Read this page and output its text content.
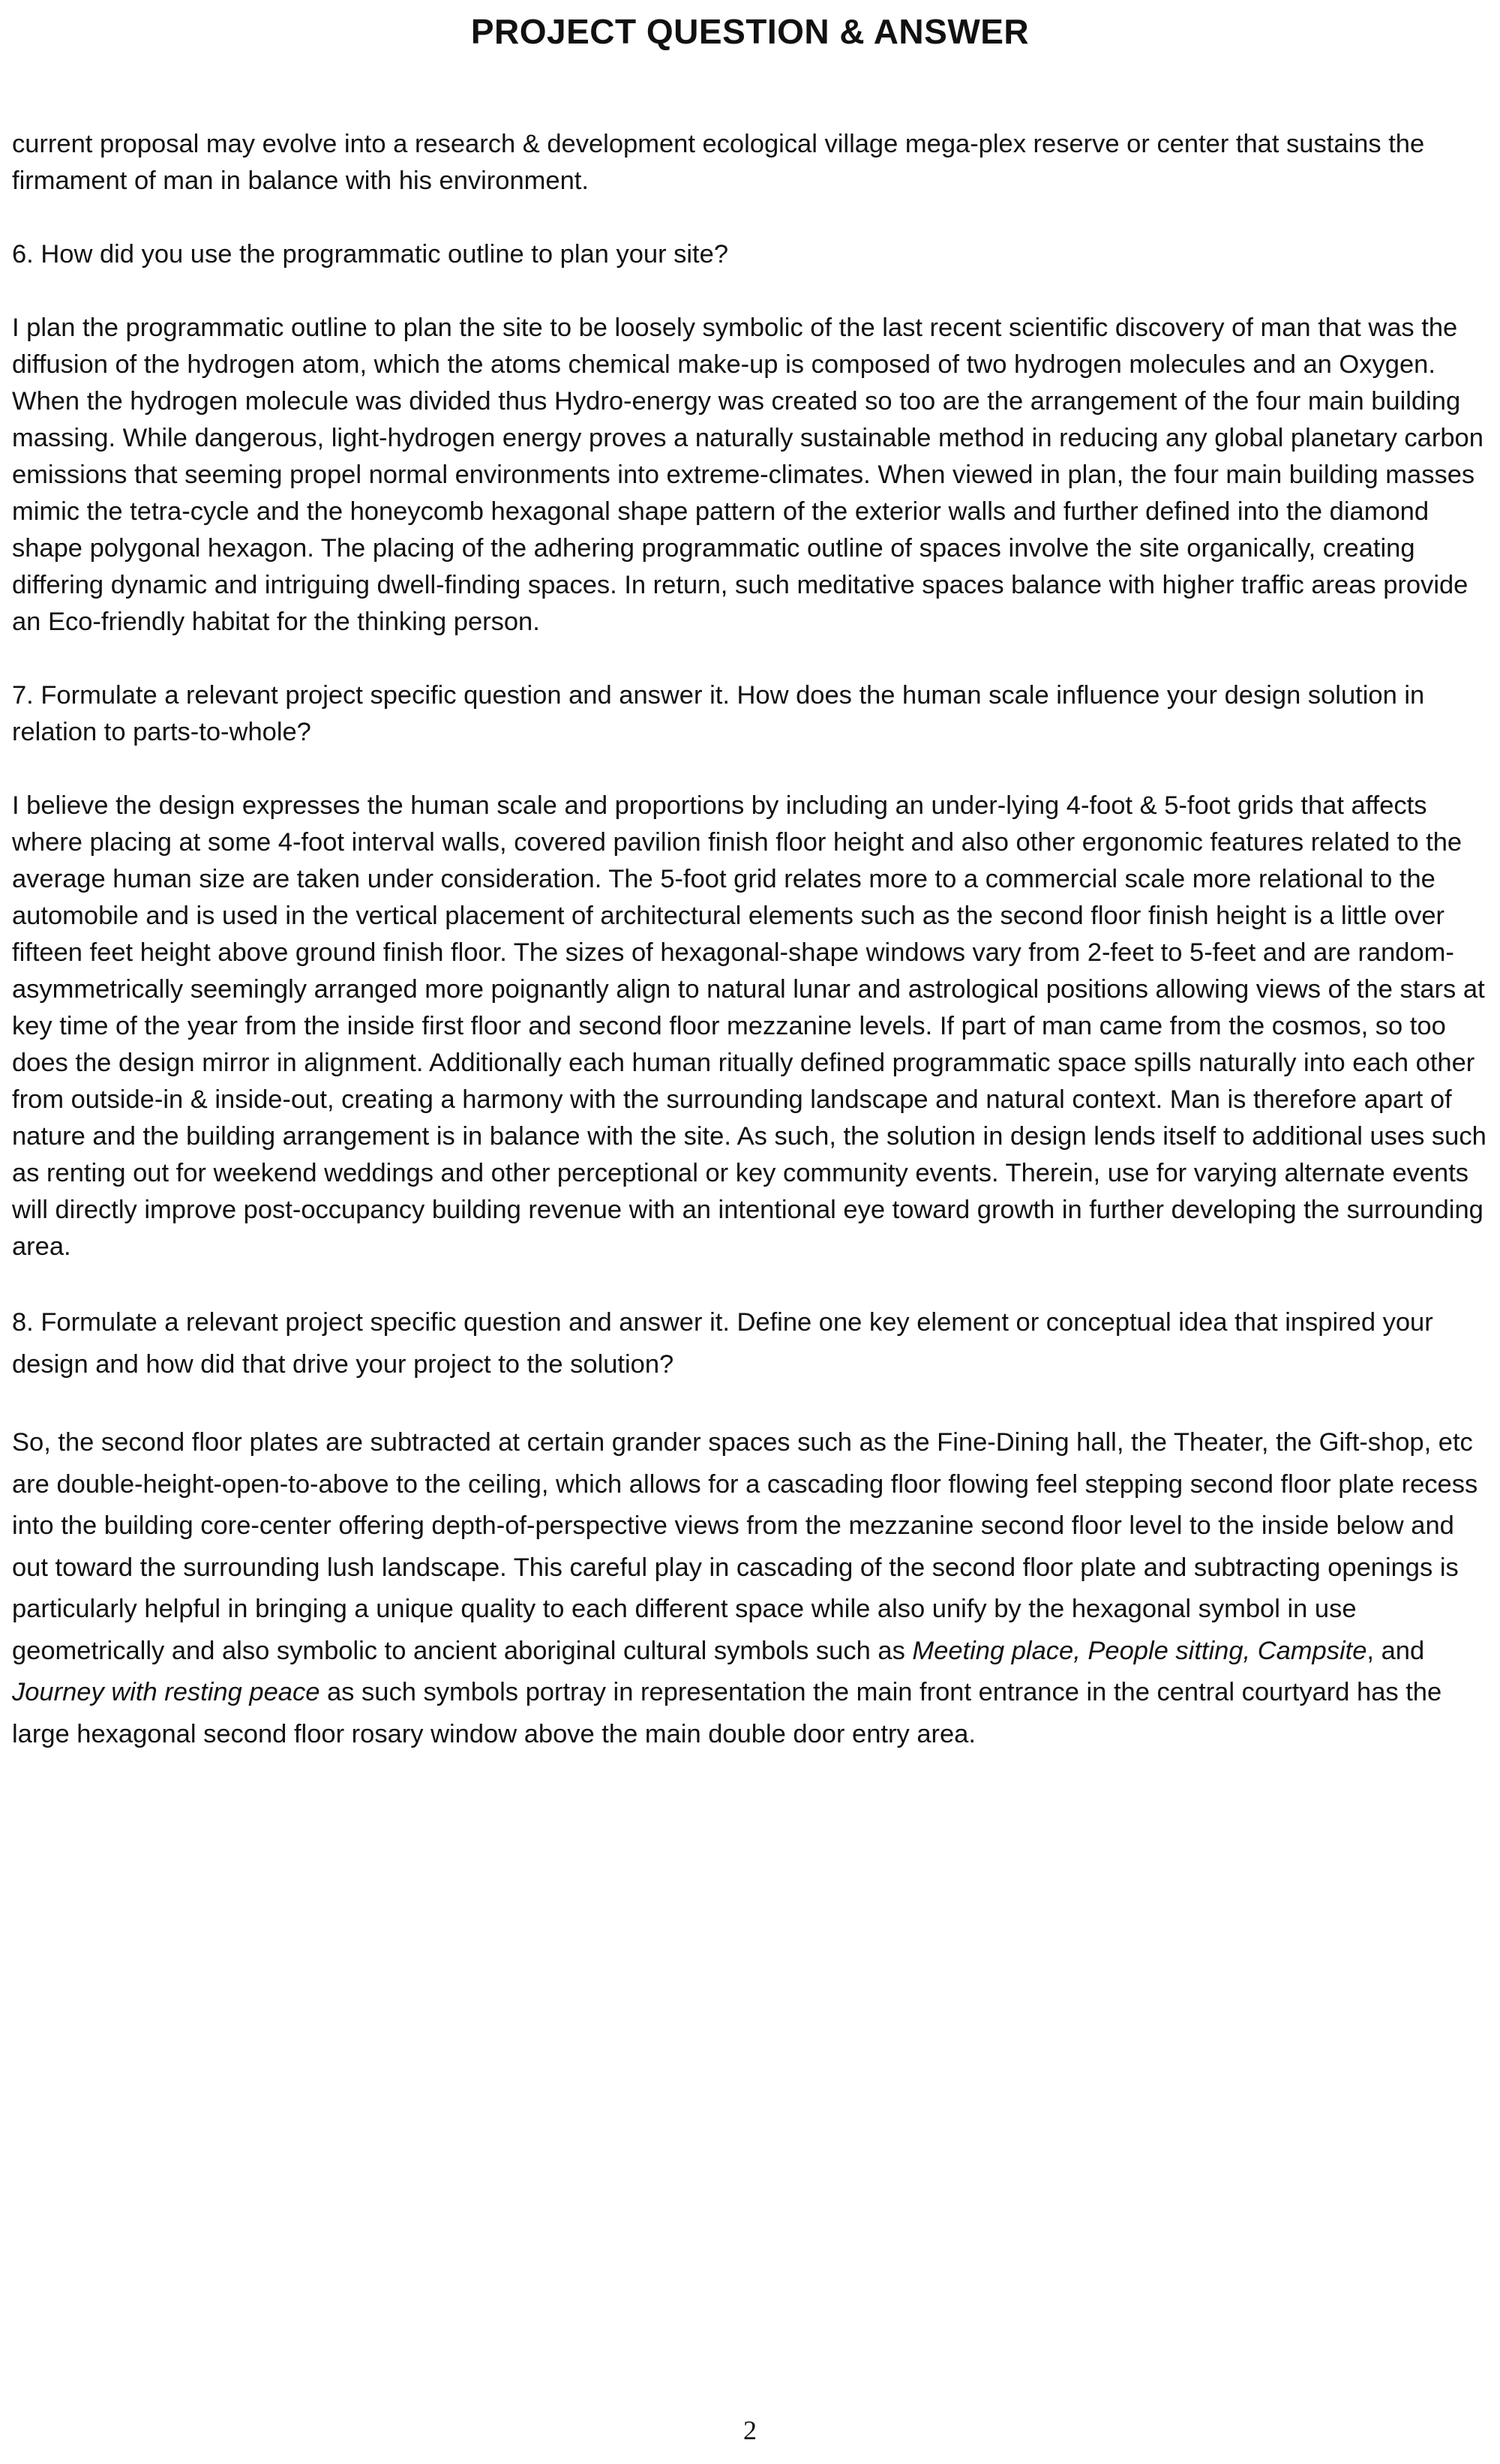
PROJECT QUESTION & ANSWER

current proposal may evolve into a research & development ecological village mega-plex reserve or center that sustains the firmament of man in balance with his environment.

6. How did you use the programmatic outline to plan your site?

I plan the programmatic outline to plan the site to be loosely symbolic of the last recent scientific discovery of man that was the diffusion of the hydrogen atom, which the atoms chemical make-up is composed of two hydrogen molecules and an Oxygen. When the hydrogen molecule was divided thus Hydro-energy was created so too are the arrangement of the four main building massing. While dangerous, light-hydrogen energy proves a naturally sustainable method in reducing any global planetary carbon emissions that seeming propel normal environments into extreme-climates. When viewed in plan, the four main building masses mimic the tetra-cycle and the honeycomb hexagonal shape pattern of the exterior walls and further defined into the diamond shape polygonal hexagon. The placing of the adhering programmatic outline of spaces involve the site organically, creating differing dynamic and intriguing dwell-finding spaces. In return, such meditative spaces balance with higher traffic areas provide an Eco-friendly habitat for the thinking person.

7. Formulate a relevant project specific question and answer it. How does the human scale influence your design solution in relation to parts-to-whole?

I believe the design expresses the human scale and proportions by including an under-lying 4-foot & 5-foot grids that affects where placing at some 4-foot interval walls, covered pavilion finish floor height and also other ergonomic features related to the average human size are taken under consideration. The 5-foot grid relates more to a commercial scale more relational to the automobile and is used in the vertical placement of architectural elements such as the second floor finish height is a little over fifteen feet height above ground finish floor. The sizes of hexagonal-shape windows vary from 2-feet to 5-feet and are random-asymmetrically seemingly arranged more poignantly align to natural lunar and astrological positions allowing views of the stars at key time of the year from the inside first floor and second floor mezzanine levels. If part of man came from the cosmos, so too does the design mirror in alignment. Additionally each human ritually defined programmatic space spills naturally into each other from outside-in & inside-out, creating a harmony with the surrounding landscape and natural context. Man is therefore apart of nature and the building arrangement is in balance with the site. As such, the solution in design lends itself to additional uses such as renting out for weekend weddings and other perceptional or key community events. Therein, use for varying alternate events will directly improve post-occupancy building revenue with an intentional eye toward growth in further developing the surrounding area.

8. Formulate a relevant project specific question and answer it. Define one key element or conceptual idea that inspired your design and how did that drive your project to the solution?

So, the second floor plates are subtracted at certain grander spaces such as the Fine-Dining hall, the Theater, the Gift-shop, etc are double-height-open-to-above to the ceiling, which allows for a cascading floor flowing feel stepping second floor plate recess into the building core-center offering depth-of-perspective views from the mezzanine second floor level to the inside below and out toward the surrounding lush landscape. This careful play in cascading of the second floor plate and subtracting openings is particularly helpful in bringing a unique quality to each different space while also unify by the hexagonal symbol in use geometrically and also symbolic to ancient aboriginal cultural symbols such as Meeting place, People sitting, Campsite, and Journey with resting peace as such symbols portray in representation the main front entrance in the central courtyard has the large hexagonal second floor rosary window above the main double door entry area.

2
